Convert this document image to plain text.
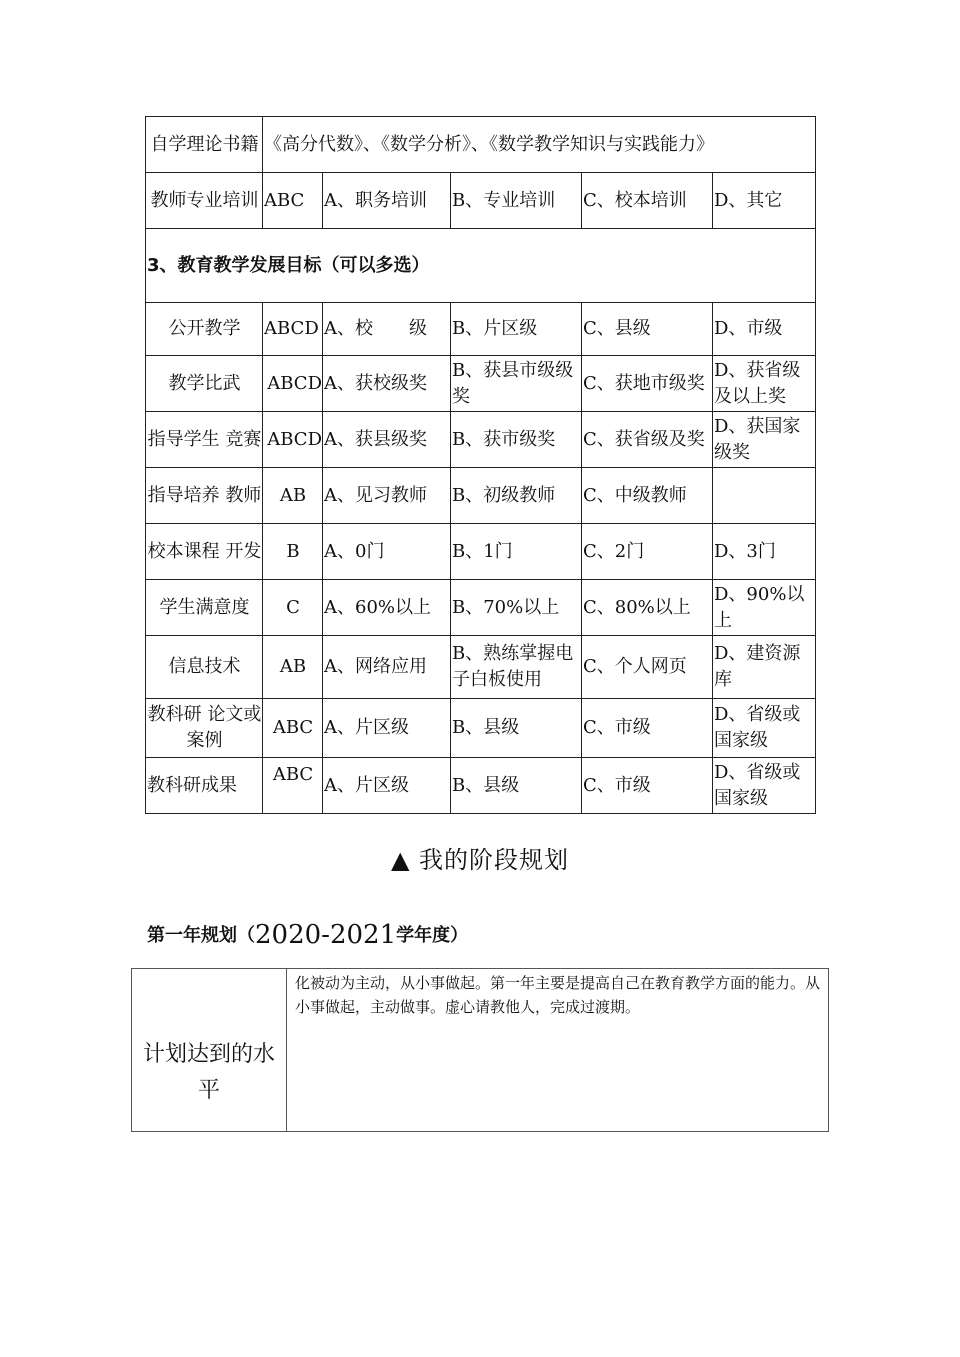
自学理论书籍	《高分代数》、《数学分析》、《数学教学知识与实践能力》				
教师专业培训	ABC	A、职务培训	B、专业培训	C、校本培训	D、其它
3、教育教学发展目标（可以多选）					
公开教学	ABCD	A、校　　级	B、片区级	C、县级	D、市级
教学比武	ABCD	A、获校级奖	B、获县市级级奖	C、获地市级奖	D、获省级及以上奖
指导学生 竞赛	ABCD	A、获县级奖	B、获市级奖	C、获省级及奖	D、获国家级奖
指导培养 教师	AB	A、见习教师	B、初级教师	C、中级教师	
校本课程 开发	B	A、0门	B、1门	C、2门	D、3门
学生满意度	C	A、60%以上	B、70%以上	C、80%以上	D、90%以上
信息技术	AB	A、网络应用	B、熟练掌握电子白板使用	C、个人网页	D、建资源库
教科研 论文或案例	ABC	A、片区级	B、县级	C、市级	D、省级或国家级
教科研成果	ABC	A、片区级	B、县级	C、市级	D、省级或国家级
▲ 我的阶段规划
第一年规划（2020-2021学年度）
计划达到的水平	化被动为主动，从小事做起。第一年主要是提高自己在教育教学方面的能力。从小事做起，主动做事。虚心请教他人，完成过渡期。
